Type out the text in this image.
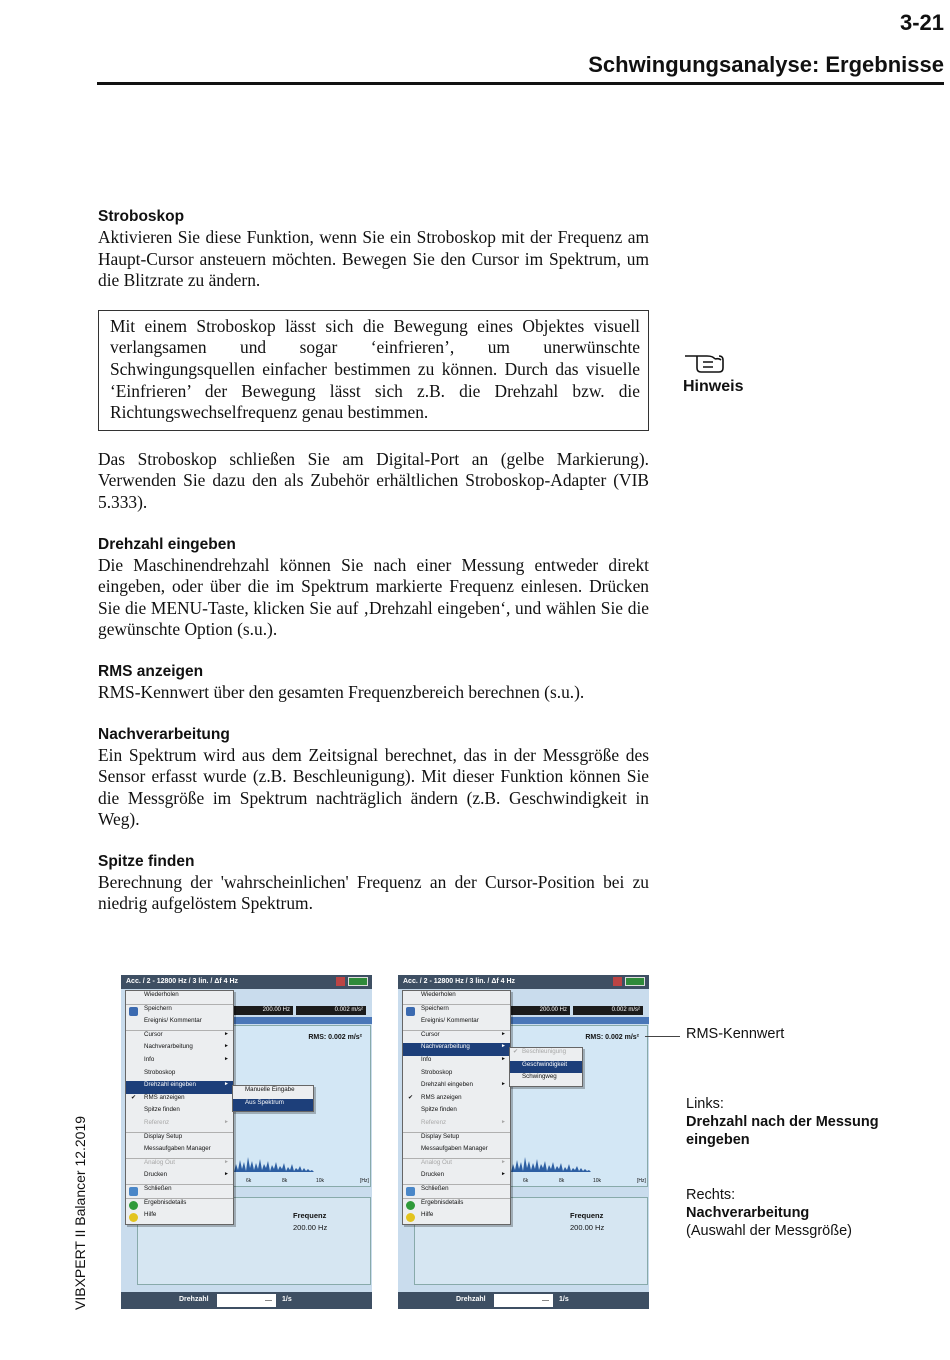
3-21
Schwingungsanalyse: Ergebnisse

Stroboskop

Aktivieren Sie diese Funktion, wenn Sie ein Stroboskop mit der Frequenz am Haupt-Cursor ansteuern möchten. Bewegen Sie den Cursor im Spektrum, um die Blitzrate zu ändern.

Mit einem Stroboskop lässt sich die Bewegung eines Objektes visuell verlangsamen und sogar ‘einfrieren’, um unerwünschte Schwingungsquellen einfacher bestimmen zu können. Durch das visuelle ‘Einfrieren’ der Bewegung lässt sich z.B. die Drehzahl bzw. die Richtungswechselfrequenz genau bestimmen.

Das Stroboskop schließen Sie am Digital-Port an (gelbe Markierung). Verwenden Sie dazu den als Zubehör erhältlichen Stroboskop-Adapter (VIB 5.333).

Drehzahl eingeben

Die Maschinendrehzahl können Sie nach einer Messung entweder direkt eingeben, oder über die im Spektrum markierte Frequenz einlesen. Drücken Sie die MENU-Taste, klicken Sie auf ‚Drehzahl eingeben‘, und wählen Sie die gewünschte Option (s.u.).

RMS anzeigen

RMS-Kennwert über den gesamten Frequenzbereich berechnen (s.u.).

Nachverarbeitung

Ein Spektrum wird aus dem Zeitsignal berechnet, das in der Messgröße des Sensor erfasst wurde (z.B. Beschleunigung). Mit dieser Funktion können Sie die Messgröße im Spektrum nachträglich ändern (z.B. Geschwindigkeit in Weg).

Spitze finden

Berechnung der 'wahrscheinlichen' Frequenz an der Cursor-Position bei zu niedrig aufgelöstem Spektrum.

Hinweis
VIBXPERT II Balancer 12.2019
Acc. / 2 - 12800 Hz / 3 lin. / Δf 4 Hz
200.00 Hz	0.002 m/s²
RMS: 0.002 m/s²
6k	8k	10k	[Hz]
Frequenz
200.00 Hz
Drehzahl	—	1/s
Wiederholen
Speichern
Ereignis/ Kommentar
Cursor	►
Nachverarbeitung	►
Info	►
Stroboskop
Drehzahl eingeben	►
✔ RMS anzeigen
Spitze finden
Referenz	►
Display Setup
Messaufgaben Manager
Analog Out	►
Drucken	►
Schließen
Ergebnisdetails
Hilfe
Manuelle Eingabe
Aus Spektrum
Acc. / 2 - 12800 Hz / 3 lin. / Δf 4 Hz
200.00 Hz	0.002 m/s²
RMS: 0.002 m/s²
6k	8k	10k	[Hz]
Frequenz
200.00 Hz
Drehzahl	—	1/s
Wiederholen
Speichern
Ereignis/ Kommentar
Cursor	►
Nachverarbeitung	►
Info	►
Stroboskop
Drehzahl eingeben	►
✔ RMS anzeigen
Spitze finden
Referenz	►
Display Setup
Messaufgaben Manager
Analog Out	►
Drucken	►
Schließen
Ergebnisdetails
Hilfe
✔ Beschleunigung
Geschwindigkeit
Schwingweg
RMS-Kennwert
Links:
Drehzahl nach der Messung eingeben
Rechts:
Nachverarbeitung
(Auswahl der Messgröße)
